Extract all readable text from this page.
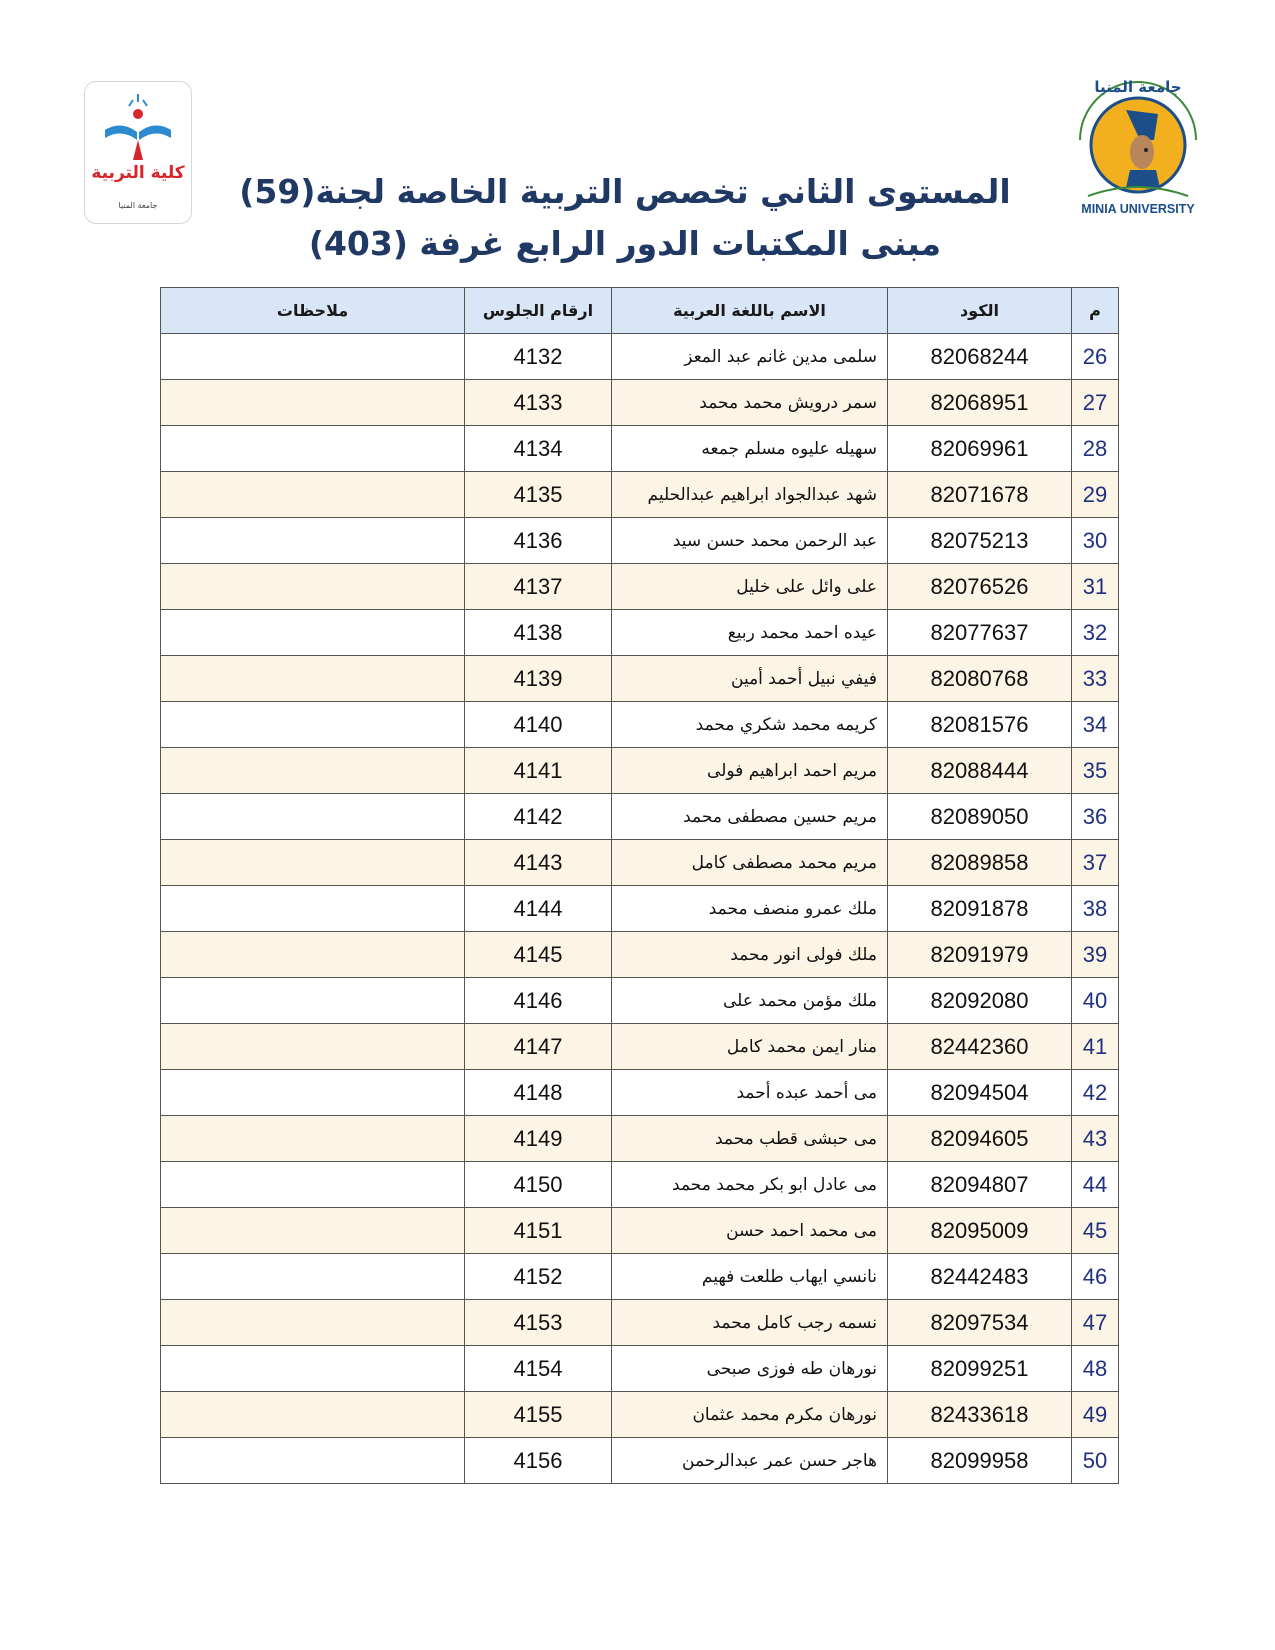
كلية التربية
جامعة المنيا
جامعة المنيا
MINIA UNIVERSITY
المستوى الثاني تخصص التربية الخاصة لجنة(59)
مبنى المكتبات الدور الرابع غرفة (403)
م	الكود	الاسم باللغة العربية	ارقام الجلوس	ملاحظات
26	82068244	سلمى مدين غانم عبد المعز	4132	
27	82068951	سمر درويش محمد محمد	4133	
28	82069961	سهيله عليوه مسلم جمعه	4134	
29	82071678	شهد عبدالجواد ابراهيم عبدالحليم	4135	
30	82075213	عبد الرحمن محمد حسن سيد	4136	
31	82076526	على وائل على خليل	4137	
32	82077637	عيده احمد محمد ربيع	4138	
33	82080768	فيفي نبيل أحمد أمين	4139	
34	82081576	كريمه محمد شكري محمد	4140	
35	82088444	مريم احمد ابراهيم فولى	4141	
36	82089050	مريم حسين مصطفى محمد	4142	
37	82089858	مريم محمد مصطفى كامل	4143	
38	82091878	ملك عمرو منصف محمد	4144	
39	82091979	ملك فولى انور محمد	4145	
40	82092080	ملك مؤمن محمد على	4146	
41	82442360	منار ايمن محمد كامل	4147	
42	82094504	مى أحمد عبده أحمد	4148	
43	82094605	مى حبشى قطب محمد	4149	
44	82094807	مى عادل ابو بكر محمد محمد	4150	
45	82095009	مى محمد احمد حسن	4151	
46	82442483	نانسي ايهاب طلعت فهيم	4152	
47	82097534	نسمه رجب كامل محمد	4153	
48	82099251	نورهان طه فوزى صبحى	4154	
49	82433618	نورهان مكرم محمد عثمان	4155	
50	82099958	هاجر حسن عمر عبدالرحمن	4156	
